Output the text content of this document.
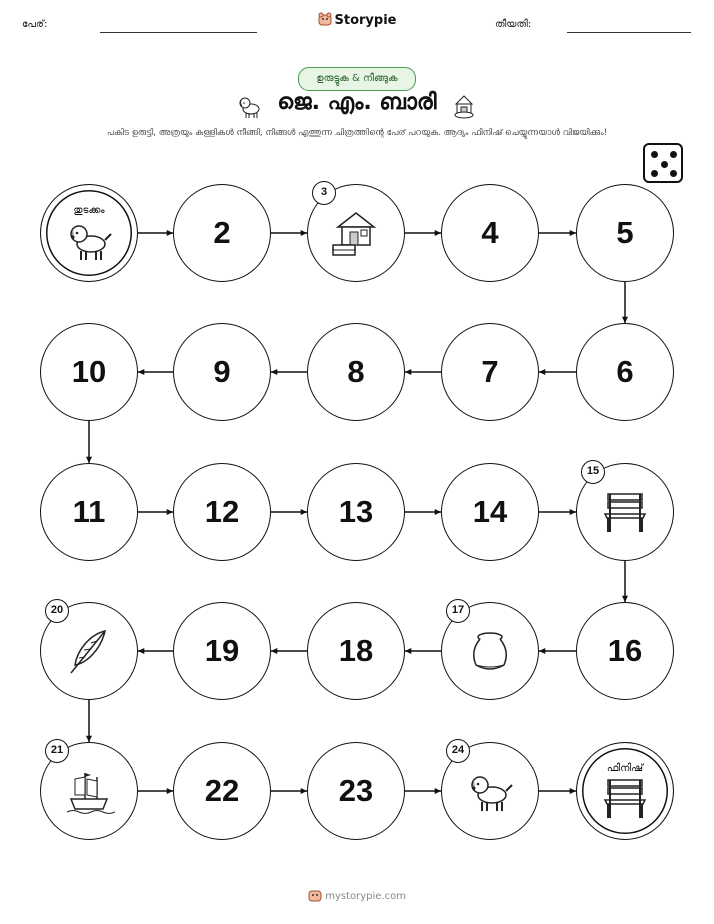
പേര്:	Storypie	തീയതി:
ഉരുട്ടുക & നീങ്ങുക
ജെ. എം. ബാരി
പകിട ഉരുട്ടി, അത്രയും കള്ളികൾ നീങ്ങി, നിങ്ങൾ എത്തുന്ന ചിത്രത്തിന്റെ പേര് പറയുക. ആദ്യം ഫിനിഷ് ചെയ്യുന്നയാൾ വിജയിക്കും!
തുടക്കം
2
3
4	5
10	9	8	7	6
11	12	13	14
15
20
19	18
17
16
21
22	23
24
ഫിനിഷ്
mystorypie.com
